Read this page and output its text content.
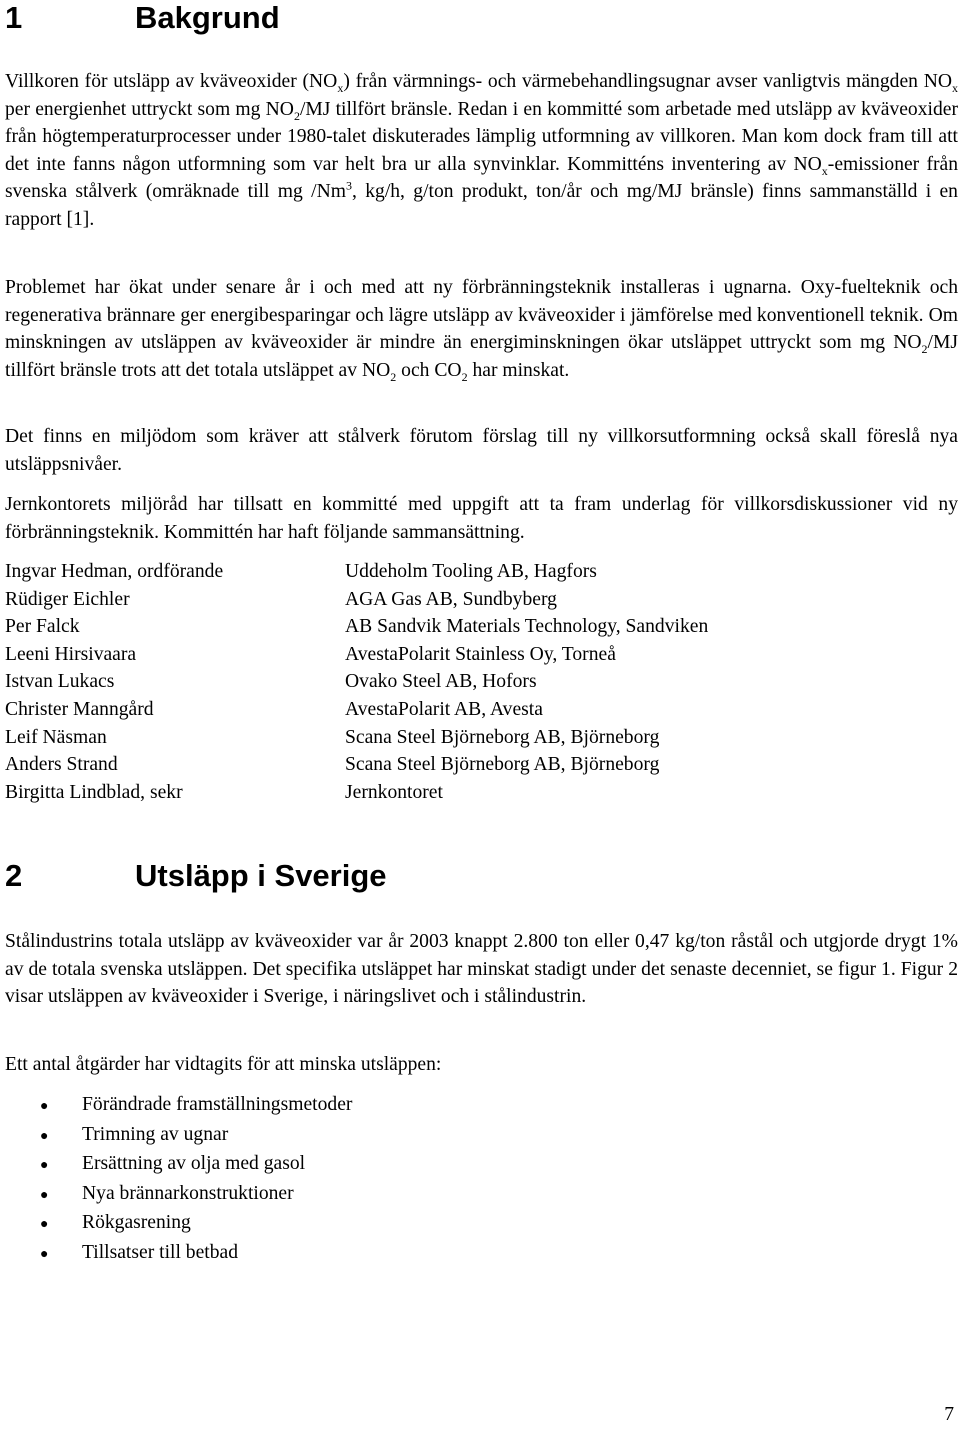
1	Bakgrund

Villkoren för utsläpp av kväveoxider $(NO_x)$ från värmnings- och värmebehandlingsugnar avser vanligtvis mängden $NO_x$ per energienhet uttryckt som mg $NO_2/MJ$ tillfört bränsle. Redan i en kommitté som arbetade med utsläpp av kväveoxider från högtemperaturprocesser under 1980-talet diskuterades lämplig utformning av villkoren. Man kom dock fram till att det inte fanns någon utformning som var helt bra ur alla synvinklar. Kommitténs inventering av $NO_x$-emissioner från svenska stålverk (omräknade till mg /Nm$^3$, kg/h, g/ton produkt, ton/år och mg/MJ bränsle) finns sammanställd i en rapport [1].

Problemet har ökat under senare år i och med att ny förbränningsteknik installeras i ugnarna. Oxy-fuelteknik och regenerativa brännare ger energibesparingar och lägre utsläpp av kväveoxider i jämförelse med konventionell teknik. Om minskningen av utsläppen av kväveoxider är mindre än energiminskningen ökar utsläppet uttryckt som mg $NO_2/MJ$ tillfört bränsle trots att det totala utsläppet av $NO_2$ och $CO_2$ har minskat.

Det finns en miljödom som kräver att stålverk förutom förslag till ny villkorsutformning också skall föreslå nya utsläppsnivåer.

Jernkontorets miljöråd har tillsatt en kommitté med uppgift att ta fram underlag för villkorsdiskussioner vid ny förbränningsteknik. Kommittén har haft följande sammansättning.

Ingvar Hedman, ordförande
Rüdiger Eichler
Per Falck
Leeni Hirsivaara
Istvan Lukacs
Christer Manngård
Leif Näsman
Anders Strand
Birgitta Lindblad, sekr
Uddeholm Tooling AB, Hagfors
AGA Gas AB, Sundbyberg
AB Sandvik Materials Technology, Sandviken
AvestaPolarit Stainless Oy, Torneå
Ovako Steel AB, Hofors
AvestaPolarit AB, Avesta
Scana Steel Björneborg AB, Björneborg
Scana Steel Björneborg AB, Björneborg
Jernkontoret
2	Utsläpp i Sverige

Stålindustrins totala utsläpp av kväveoxider var år 2003 knappt 2.800 ton eller 0,47 kg/ton råstål och utgjorde drygt 1% av de totala svenska utsläppen. Det specifika utsläppet har minskat stadigt under det senaste decenniet, se figur 1. Figur 2 visar utsläppen av kväveoxider i Sverige, i näringslivet och i stålindustrin.

Ett antal åtgärder har vidtagits för att minska utsläppen:

● Förändrade framställningsmetoder
● Trimning av ugnar
● Ersättning av olja med gasol
● Nya brännarkonstruktioner
● Rökgasrening
● Tillsatser till betbad
7
